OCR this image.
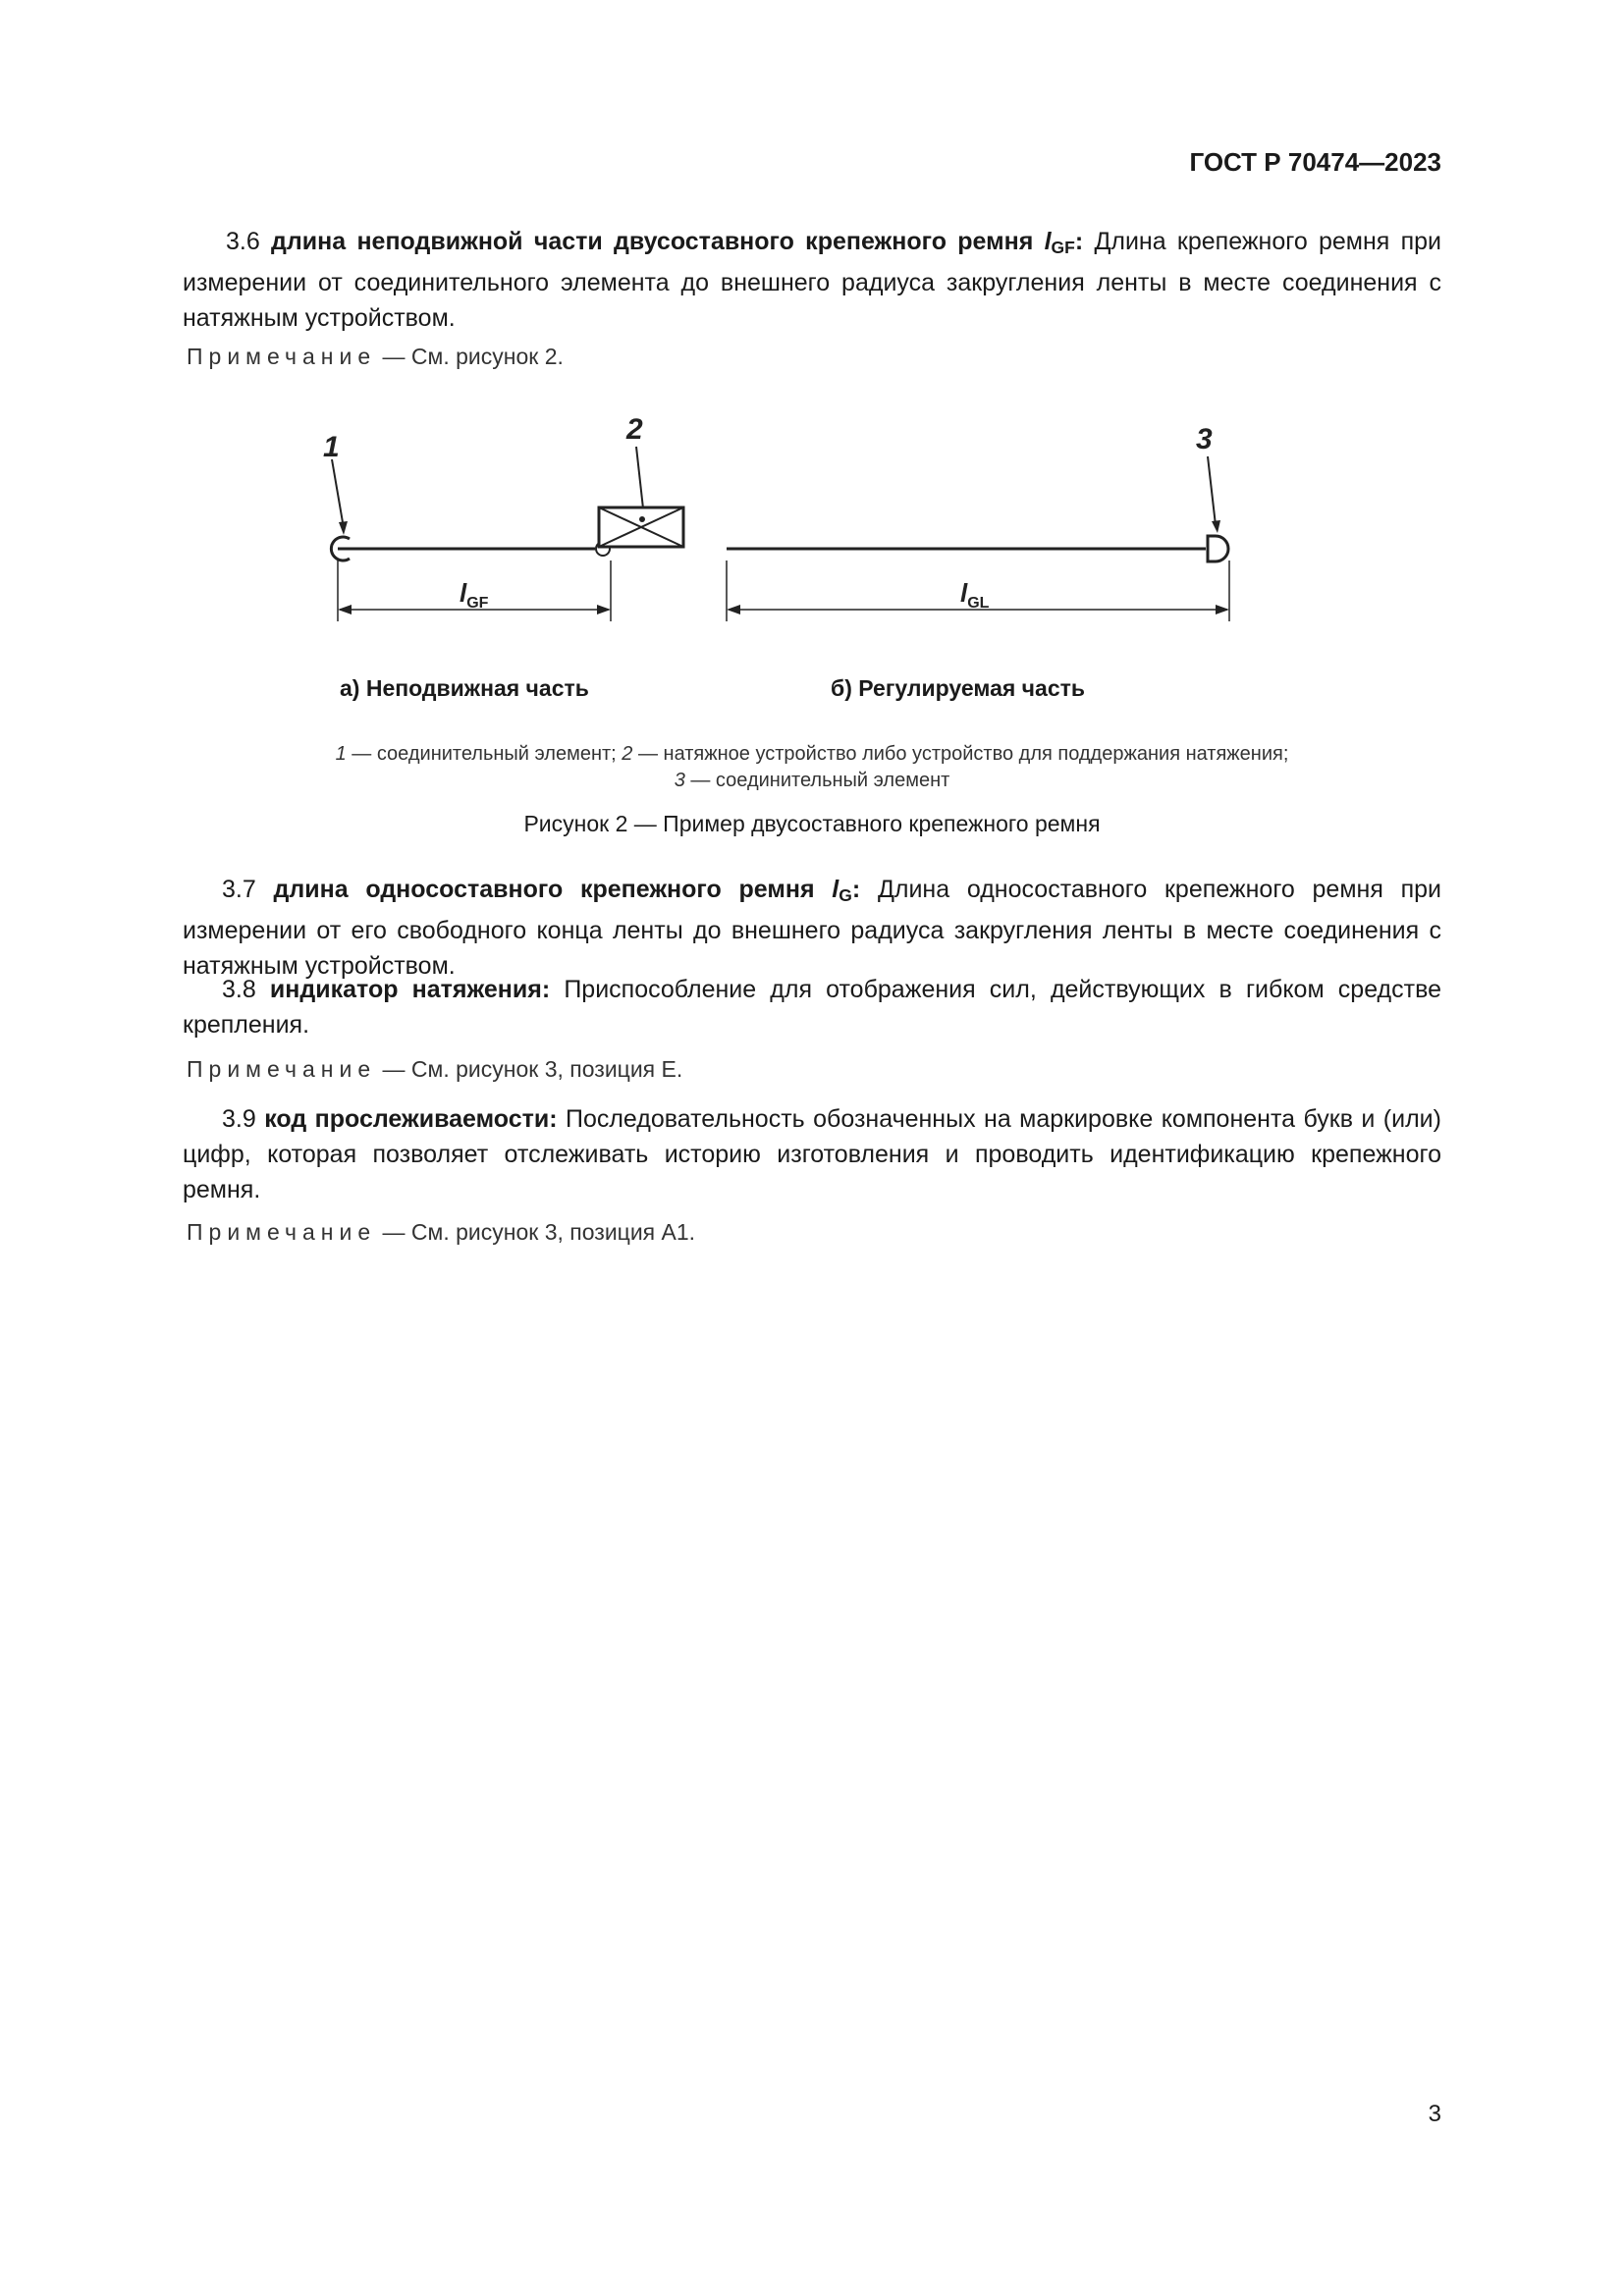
ГОСТ Р 70474—2023
3.6 длина неподвижной части двусоставного крепежного ремня $l_{GF}$: Длина крепежного ремня при измерении от соединительного элемента до внешнего радиуса закругления ленты в месте соединения с натяжным устройством.
Примечание — См. рисунок 2.
1
2
$l_{GF}$
3
$l_{GL}$
а) Неподвижная часть	б) Регулируемая часть
1 — соединительный элемент; 2 — натяжное устройство либо устройство для поддержания натяжения;
3 — соединительный элемент
Рисунок 2 — Пример двусоставного крепежного ремня
3.7 длина односоставного крепежного ремня $l_G$: Длина односоставного крепежного ремня при измерении от его свободного конца ленты до внешнего радиуса закругления ленты в месте соединения с натяжным устройством.
3.8 индикатор натяжения: Приспособление для отображения сил, действующих в гибком средстве крепления.
Примечание — См. рисунок 3, позиция Е.
3.9 код прослеживаемости: Последовательность обозначенных на маркировке компонента букв и (или) цифр, которая позволяет отслеживать историю изготовления и проводить идентификацию крепежного ремня.
Примечание — См. рисунок 3, позиция А1.
3
